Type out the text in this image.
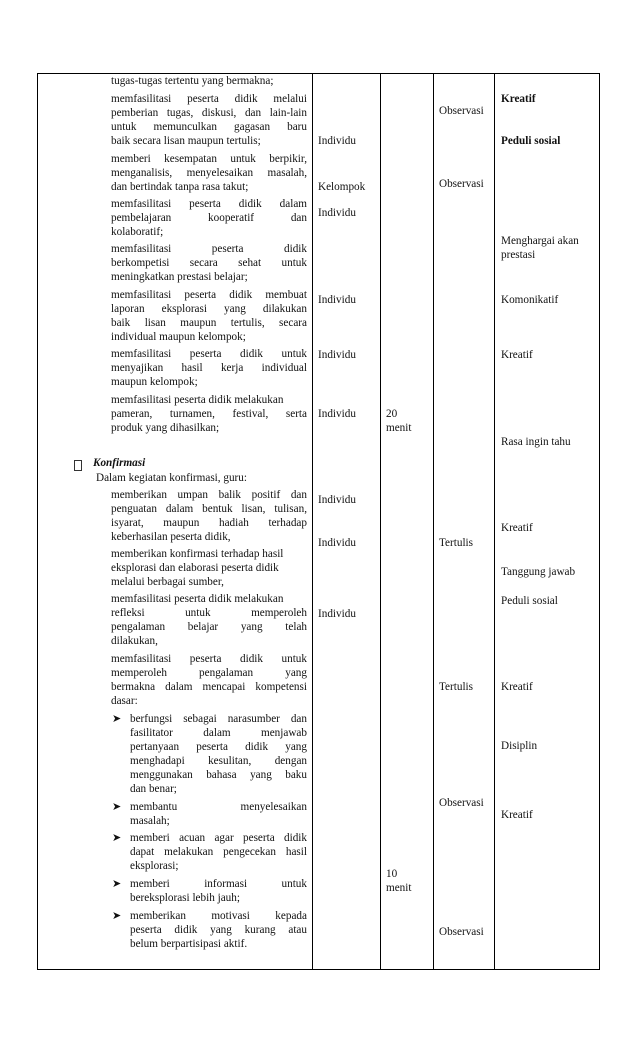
tugas-tugas tertentu yang bermakna;
memfasilitasi peserta didik melalui
pemberian tugas, diskusi, dan lain-lain
untuk memunculkan gagasan baru
baik secara lisan maupun tertulis;
memberi kesempatan untuk berpikir,
menganalisis, menyelesaikan masalah,
dan bertindak tanpa rasa takut;
memfasilitasi peserta didik dalam
pembelajaran kooperatif dan
kolaboratif;
memfasilitasi peserta didik
berkompetisi secara sehat untuk
meningkatkan prestasi belajar;
memfasilitasi peserta didik membuat
laporan eksplorasi yang dilakukan
baik lisan maupun tertulis, secara
individual maupun kelompok;
memfasilitasi peserta didik untuk
menyajikan hasil kerja individual
maupun kelompok;
memfasilitasi peserta didik melakukan
pameran, turnamen, festival, serta
produk yang dihasilkan;
Konfirmasi
Dalam kegiatan konfirmasi, guru:
memberikan umpan balik positif dan
penguatan dalam bentuk lisan, tulisan,
isyarat, maupun hadiah terhadap
keberhasilan peserta didik,
memberikan konfirmasi terhadap hasil
eksplorasi dan elaborasi peserta didik
melalui berbagai sumber,
memfasilitasi peserta didik melakukan
refleksi untuk memperoleh
pengalaman belajar yang telah
dilakukan,
memfasilitasi peserta didik untuk
memperoleh pengalaman yang
bermakna dalam mencapai kompetensi
dasar:
➤ berfungsi sebagai narasumber dan
fasilitator dalam menjawab
pertanyaan peserta didik yang
menghadapi kesulitan, dengan
menggunakan bahasa yang baku
dan benar;
➤ membantu menyelesaikan
masalah;
➤ memberi acuan agar peserta didik
dapat melakukan pengecekan hasil
eksplorasi;
➤ memberi informasi untuk
bereksplorasi lebih jauh;
➤ memberikan motivasi kepada
peserta didik yang kurang atau
belum berpartisipasi aktif.
Individu
Kelompok
Individu
Individu
Individu
Individu
Individu
Individu
Individu
20
menit
10
menit
Observasi
Observasi
Tertulis
Tertulis
Observasi
Observasi
Kreatif
Peduli sosial
Menghargai akan
prestasi
Komonikatif
Kreatif
Rasa ingin tahu
Kreatif
Tanggung jawab
Peduli sosial
Kreatif
Disiplin
Kreatif
